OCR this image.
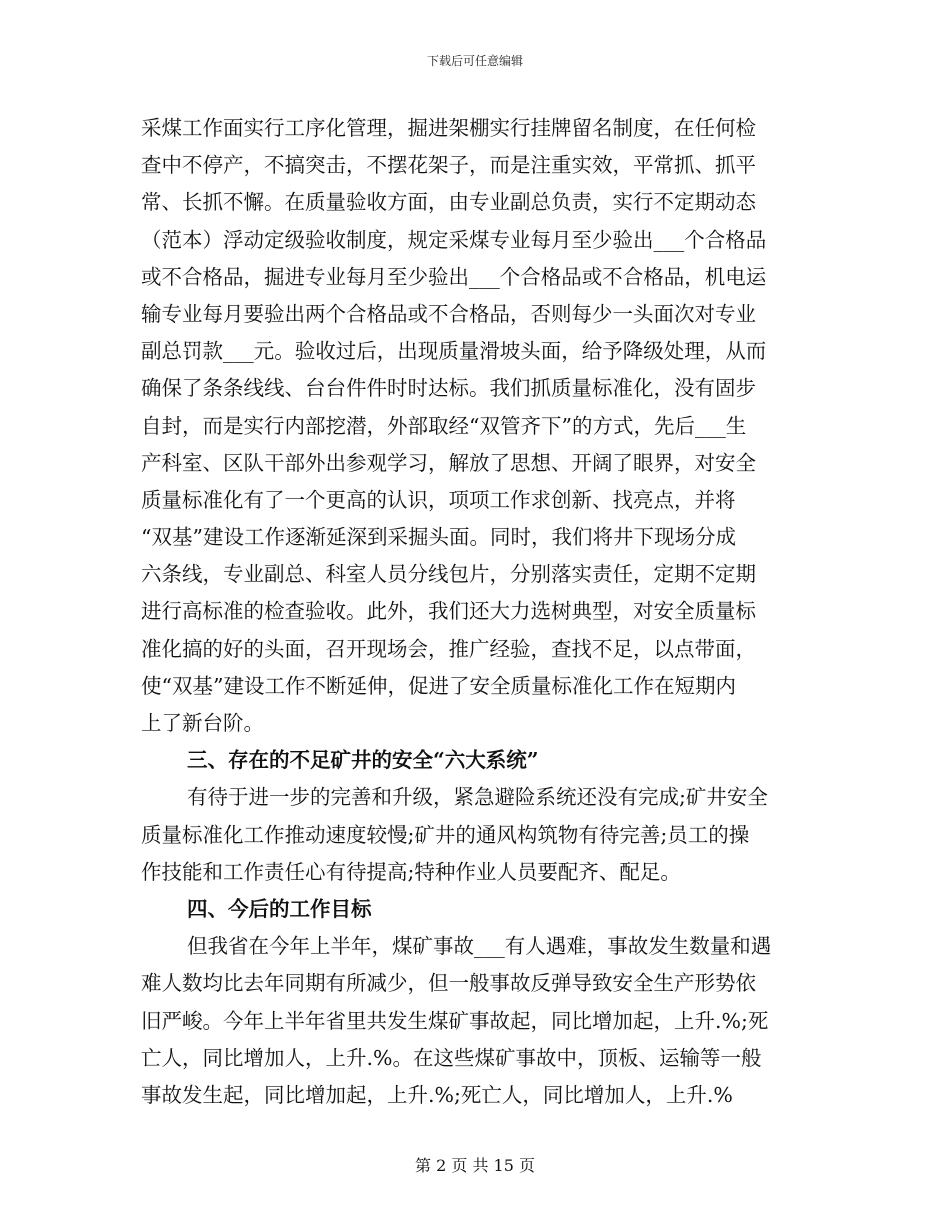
下载后可任意编辑
采煤工作面实行工序化管理，掘进架棚实行挂牌留名制度，在任何检
查中不停产，不搞突击，不摆花架子，而是注重实效，平常抓、抓平
常、长抓不懈。在质量验收方面，由专业副总负责，实行不定期动态
（范本）浮动定级验收制度，规定采煤专业每月至少验出___个合格品
或不合格品，掘进专业每月至少验出___个合格品或不合格品，机电运
输专业每月要验出两个合格品或不合格品，否则每少一头面次对专业
副总罚款___元。验收过后，出现质量滑坡头面，给予降级处理，从而
确保了条条线线、台台件件时时达标。我们抓质量标准化，没有固步
自封，而是实行内部挖潜，外部取经“双管齐下”的方式，先后___生
产科室、区队干部外出参观学习，解放了思想、开阔了眼界，对安全
质量标准化有了一个更高的认识，项项工作求创新、找亮点，并将
“双基”建设工作逐渐延深到采掘头面。同时，我们将井下现场分成
六条线，专业副总、科室人员分线包片，分别落实责任，定期不定期
进行高标准的检查验收。此外，我们还大力选树典型，对安全质量标
准化搞的好的头面，召开现场会，推广经验，查找不足，以点带面，
使“双基”建设工作不断延伸，促进了安全质量标准化工作在短期内
上了新台阶。
三、存在的不足矿井的安全“六大系统”
有待于进一步的完善和升级，紧急避险系统还没有完成;矿井安全
质量标准化工作推动速度较慢;矿井的通风构筑物有待完善;员工的操
作技能和工作责任心有待提高;特种作业人员要配齐、配足。
四、今后的工作目标
但我省在今年上半年，煤矿事故___有人遇难，事故发生数量和遇
难人数均比去年同期有所减少，但一般事故反弹导致安全生产形势依
旧严峻。今年上半年省里共发生煤矿事故起，同比增加起，上升.%;死
亡人，同比增加人，上升.%。在这些煤矿事故中，顶板、运输等一般
事故发生起，同比增加起，上升.%;死亡人，同比增加人，上升.%
第 2 页 共 15 页
